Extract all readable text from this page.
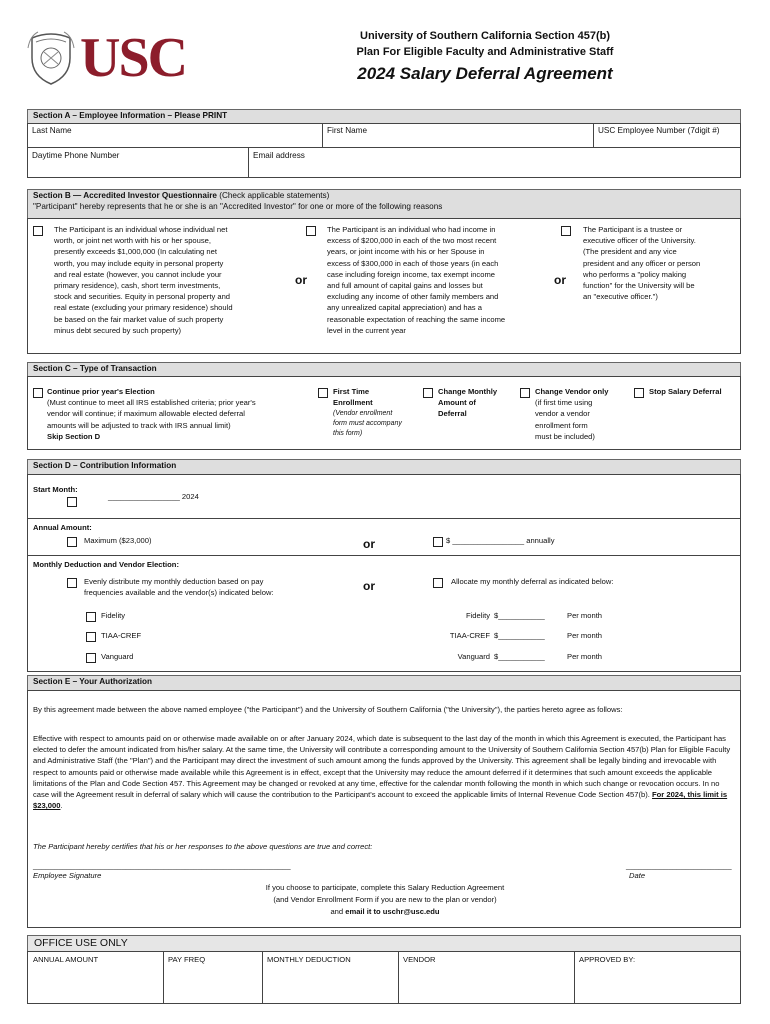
USC	University of Southern California Section 457(b)
Plan For Eligible Faculty and Administrative Staff
2024 Salary Deferral Agreement
Section A – Employee Information – Please PRINT
Last Name	First Name	USC Employee Number (7digit #)
Daytime Phone Number	Email address
Section B — Accredited Investor Questionnaire (Check applicable statements)
"Participant" hereby represents that he or she is an "Accredited Investor" for one or more of the following reasons
The Participant is an individual whose individual net
worth, or joint net worth with his or her spouse,
presently exceeds $1,000,000 (In calculating net
worth, you may include equity in personal property
and real estate (however, you cannot include your
primary residence), cash, short term investments,
stock and securities. Equity in personal property and
real estate (excluding your primary residence) should
be based on the fair market value of such property
minus debt secured by such property)
or
The Participant is an individual who had income in
excess of $200,000 in each of the two most recent
years, or joint income with his or her Spouse in
excess of $300,000 in each of those years (in each
case including foreign income, tax exempt income
and full amount of capital gains and losses but
excluding any income of other family members and
any unrealized capital appreciation) and has a
reasonable expectation of reaching the same income
level in the current year
or
The Participant is a trustee or
executive officer of the University.
(The president and any vice
president and any officer or person
who performs a "policy making
function" for the University will be
an "executive officer.")
Section C – Type of Transaction
Continue prior year's Election
(Must continue to meet all IRS established criteria; prior year's
vendor will continue; if maximum allowable elected deferral
amounts will be adjusted to track with IRS annual limit)
Skip Section D
First Time
Enrollment
(Vendor enrollment
form must accompany
this form)
Change Monthly
Amount of
Deferral
Change Vendor only
(if first time using
vendor a vendor
enrollment form
must be included)
Stop Salary Deferral
Section D – Contribution Information
Start Month:
_________________ 2024
Annual Amount:
Maximum ($23,000)	or	$ _________________ annually
Monthly Deduction and Vendor Election:
Evenly distribute my monthly deduction based on pay
frequencies available and the vendor(s) indicated below:	or	Allocate my monthly deferral as indicated below:
Fidelity
TIAA-CREF
Vanguard
Fidelity $___________	Per month
TIAA-CREF $___________	Per month
Vanguard $___________	Per month
Section E – Your Authorization
By this agreement made between the above named employee ("the Participant") and the University of Southern California ("the University"), the parties hereto agree as follows:
Effective with respect to amounts paid on or otherwise made available on or after January 2024, which date is subsequent to the last day of the month in which this Agreement is executed, the Participant has elected to defer the amount indicated from his/her salary. At the same time, the University will contribute a corresponding amount to the University of Southern California Section 457(b) Plan for Eligible Faculty and Administrative Staff (the "Plan") and the Participant may direct the investment of such amount among the funds approved by the University. This agreement shall be legally binding and irrevocable with respect to amounts paid or otherwise made available while this Agreement is in effect, except that the University may reduce the amount deferred if it determines that such amount exceeds the applicable limitations of the Plan and Code Section 457. This Agreement may be changed or revoked at any time, effective for the calendar month following the month in which such change or revocation occurs. In no case will the Agreement result in deferral of salary which will cause the contribution to the Participant's account to exceed the applicable limits of Internal Revenue Code Section 457(b). For 2024, this limit is $23,000.
The Participant hereby certifies that his or her responses to the above questions are true and correct:
_____________________________________________________________	_________________________
Employee Signature	Date
If you choose to participate, complete this Salary Reduction Agreement
(and Vendor Enrollment Form if you are new to the plan or vendor)
and email it to uschr@usc.edu
OFFICE USE ONLY
ANNUAL AMOUNT	PAY FREQ	MONTHLY DEDUCTION	VENDOR	APPROVED BY:
